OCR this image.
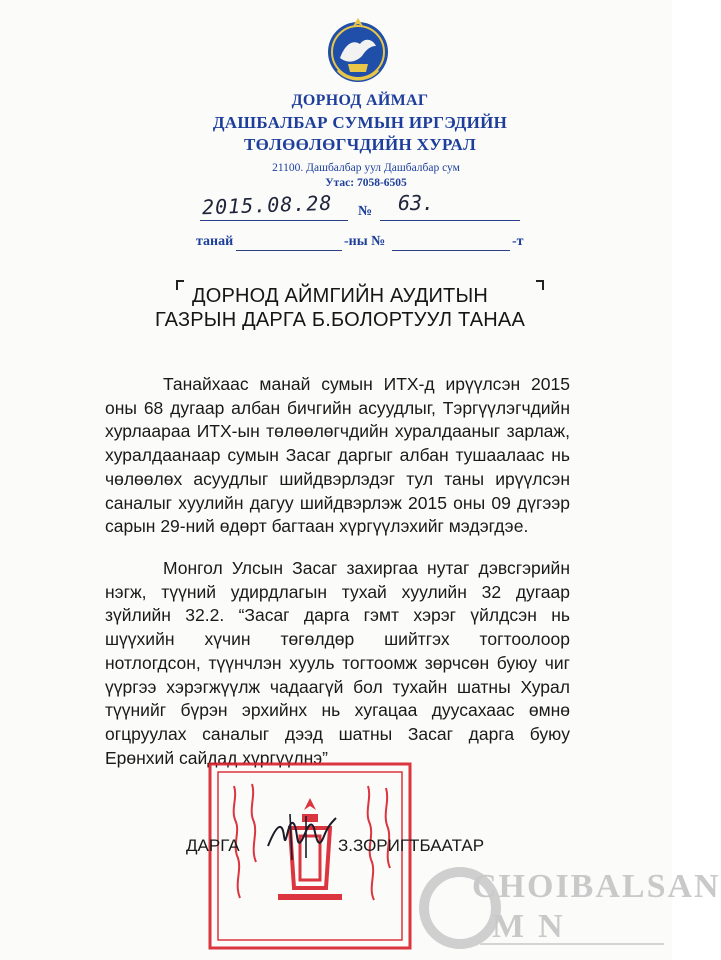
ДОРНОД АЙМАГ
ДАШБАЛБАР СУМЫН ИРГЭДИЙН
ТӨЛӨӨЛӨГЧДИЙН ХУРАЛ
21100. Дашбалбар уул Дашбалбар сум
Утас: 7058-6505
2015.08.28 № 63.
танай	-ны №	-т
ДОРНОД АЙМГИЙН АУДИТЫН
ГАЗРЫН ДАРГА Б.БОЛОРТУУЛ ТАНАА
Танайхаас манай сумын ИТХ-д ирүүлсэн 2015 оны 68 дугаар албан бичгийн асуудлыг, Тэргүүлэгчдийн хурлаараа ИТХ-ын төлөөлөгчдийн хуралдааныг зарлаж, хуралдаанаар сумын Засаг даргыг албан тушаалаас нь чөлөөлөх асуудлыг шийдвэрлэдэг тул таны ирүүлсэн саналыг хуулийн дагуу шийдвэрлэж 2015 оны 09 дүгээр сарын 29-ний өдөрт багтаан хүргүүлэхийг мэдэгдэе.
Монгол Улсын Засаг захиргаа нутаг дэвсгэрийн нэгж, түүний удирдлагын тухай хуулийн 32 дугаар зүйлийн 32.2. “Засаг дарга гэмт хэрэг үйлдсэн нь шүүхийн хүчин төгөлдөр шийтгэх тогтоолоор нотлогдсон, түүнчлэн хууль тогтоомж зөрчсөн буюу чиг үүргээ хэрэгжүүлж чадаагүй бол тухайн шатны Хурал түүнийг бүрэн эрхийнх нь хугацаа дуусахаас өмнө огцруулах саналыг дээд шатны Засаг дарга буюу Ерөнхий сайдад хүргүүлнэ”
ДАРГА	З.ЗОРИГТБААТАР
CHOIBALSAN
MN
